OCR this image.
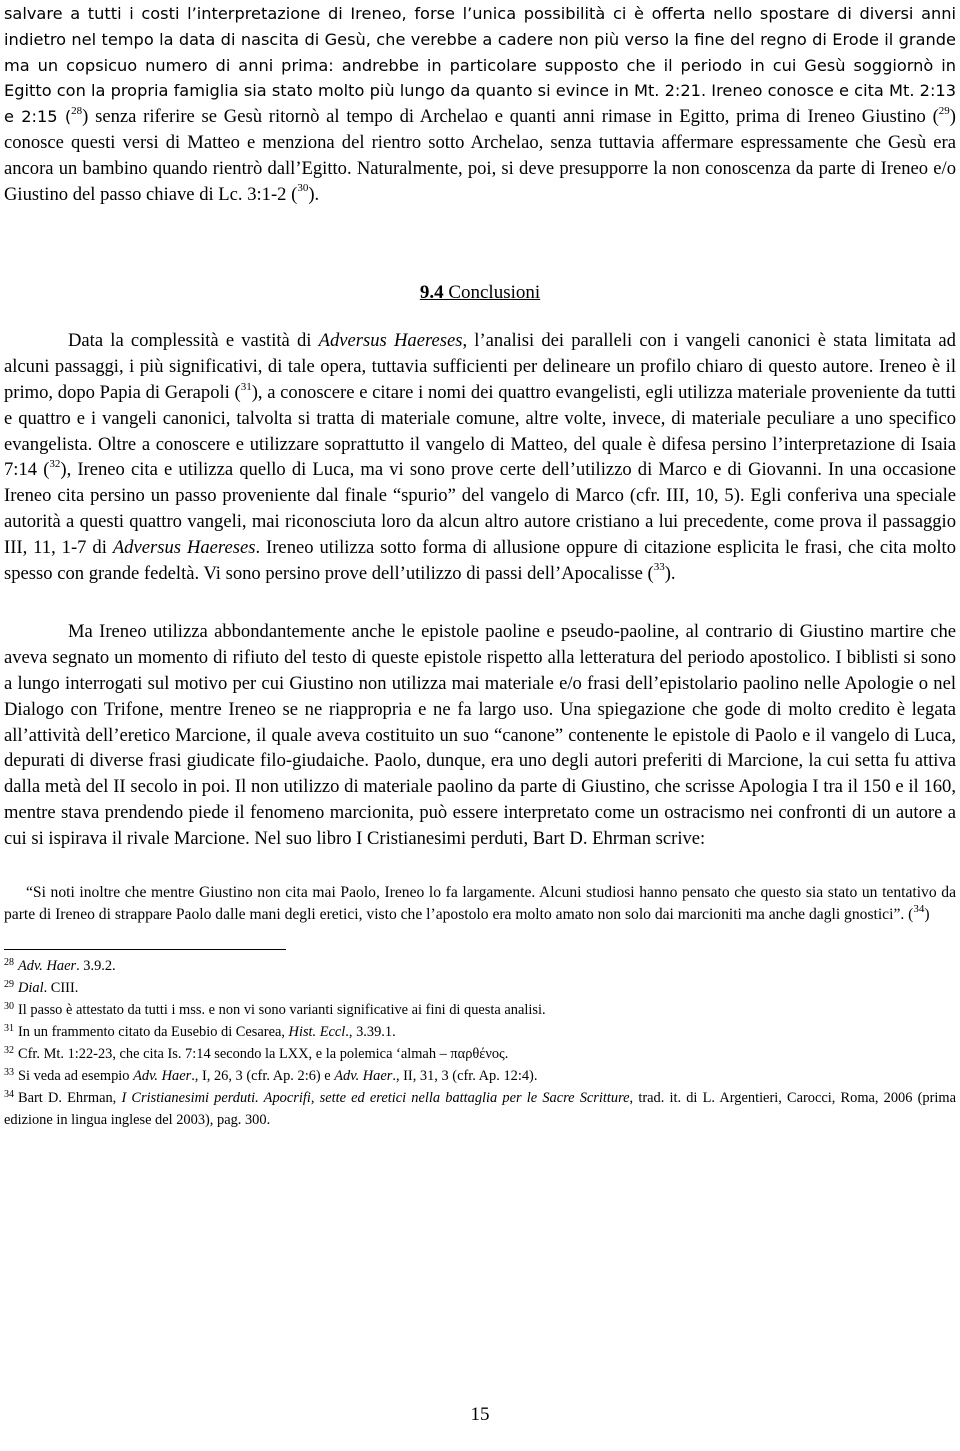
salvare a tutti i costi l’interpretazione di Ireneo, forse l’unica possibilità ci è offerta nello spostare di diversi anni indietro nel tempo la data di nascita di Gesù, che verebbe a cadere non più verso la fine del regno di Erode il grande ma un copsicuo numero di anni prima: andrebbe in particolare supposto che il periodo in cui Gesù soggiornò in Egitto con la propria famiglia sia stato molto più lungo da quanto si evince in Mt. 2:21. Ireneo conosce e cita Mt. 2:13 e 2:15 ($^{28}$) senza riferire se Gesù ritornò al tempo di Archelao e quanti anni rimase in Egitto, prima di Ireneo Giustino ($^{29}$) conosce questi versi di Matteo e menziona del rientro sotto Archelao, senza tuttavia affermare espressamente che Gesù era ancora un bambino quando rientrò dall’Egitto. Naturalmente, poi, si deve presupporre la non conoscenza da parte di Ireneo e/o Giustino del passo chiave di Lc. 3:1-2 ($^{30}$).

9.4 Conclusioni

Data la complessità e vastità di Adversus Haereses, l’analisi dei paralleli con i vangeli canonici è stata limitata ad alcuni passaggi, i più significativi, di tale opera, tuttavia sufficienti per delineare un profilo chiaro di questo autore. Ireneo è il primo, dopo Papia di Gerapoli ($^{31}$), a conoscere e citare i nomi dei quattro evangelisti, egli utilizza materiale proveniente da tutti e quattro e i vangeli canonici, talvolta si tratta di materiale comune, altre volte, invece, di materiale peculiare a uno specifico evangelista. Oltre a conoscere e utilizzare soprattutto il vangelo di Matteo, del quale è difesa persino l’interpretazione di Isaia 7:14 ($^{32}$), Ireneo cita e utilizza quello di Luca, ma vi sono prove certe dell’utilizzo di Marco e di Giovanni. In una occasione Ireneo cita persino un passo proveniente dal finale “spurio” del vangelo di Marco (cfr. III, 10, 5). Egli conferiva una speciale autorità a questi quattro vangeli, mai riconosciuta loro da alcun altro autore cristiano a lui precedente, come prova il passaggio III, 11, 1-7 di Adversus Haereses. Ireneo utilizza sotto forma di allusione oppure di citazione esplicita le frasi, che cita molto spesso con grande fedeltà. Vi sono persino prove dell’utilizzo di passi dell’Apocalisse ($^{33}$).

Ma Ireneo utilizza abbondantemente anche le epistole paoline e pseudo-paoline, al contrario di Giustino martire che aveva segnato un momento di rifiuto del testo di queste epistole rispetto alla letteratura del periodo apostolico. I biblisti si sono a lungo interrogati sul motivo per cui Giustino non utilizza mai materiale e/o frasi dell’epistolario paolino nelle Apologie o nel Dialogo con Trifone, mentre Ireneo se ne riappropria e ne fa largo uso. Una spiegazione che gode di molto credito è legata all’attività dell’eretico Marcione, il quale aveva costituito un suo “canone” contenente le epistole di Paolo e il vangelo di Luca, depurati di diverse frasi giudicate filo-giudaiche. Paolo, dunque, era uno degli autori preferiti di Marcione, la cui setta fu attiva dalla metà del II secolo in poi. Il non utilizzo di materiale paolino da parte di Giustino, che scrisse Apologia I tra il 150 e il 160, mentre stava prendendo piede il fenomeno marcionita, può essere interpretato come un ostracismo nei confronti di un autore a cui si ispirava il rivale Marcione. Nel suo libro I Cristianesimi perduti, Bart D. Ehrman scrive:

“Si noti inoltre che mentre Giustino non cita mai Paolo, Ireneo lo fa largamente. Alcuni studiosi hanno pensato che questo sia stato un tentativo da parte di Ireneo di strappare Paolo dalle mani degli eretici, visto che l’apostolo era molto amato non solo dai marcioniti ma anche dagli gnostici”. ($^{34}$)

$^{28}$ Adv. Haer. 3.9.2.

$^{29}$ Dial. CIII.

$^{30}$ Il passo è attestato da tutti i mss. e non vi sono varianti significative ai fini di questa analisi.

$^{31}$ In un frammento citato da Eusebio di Cesarea, Hist. Eccl., 3.39.1.

$^{32}$ Cfr. Mt. 1:22-23, che cita Is. 7:14 secondo la LXX, e la polemica ‘almah – παρθένος.

$^{33}$ Si veda ad esempio Adv. Haer., I, 26, 3 (cfr. Ap. 2:6) e Adv. Haer., II, 31, 3 (cfr. Ap. 12:4).

$^{34}$ Bart D. Ehrman, I Cristianesimi perduti. Apocrifi, sette ed eretici nella battaglia per le Sacre Scritture, trad. it. di L. Argentieri, Carocci, Roma, 2006 (prima edizione in lingua inglese del 2003), pag. 300.

15
